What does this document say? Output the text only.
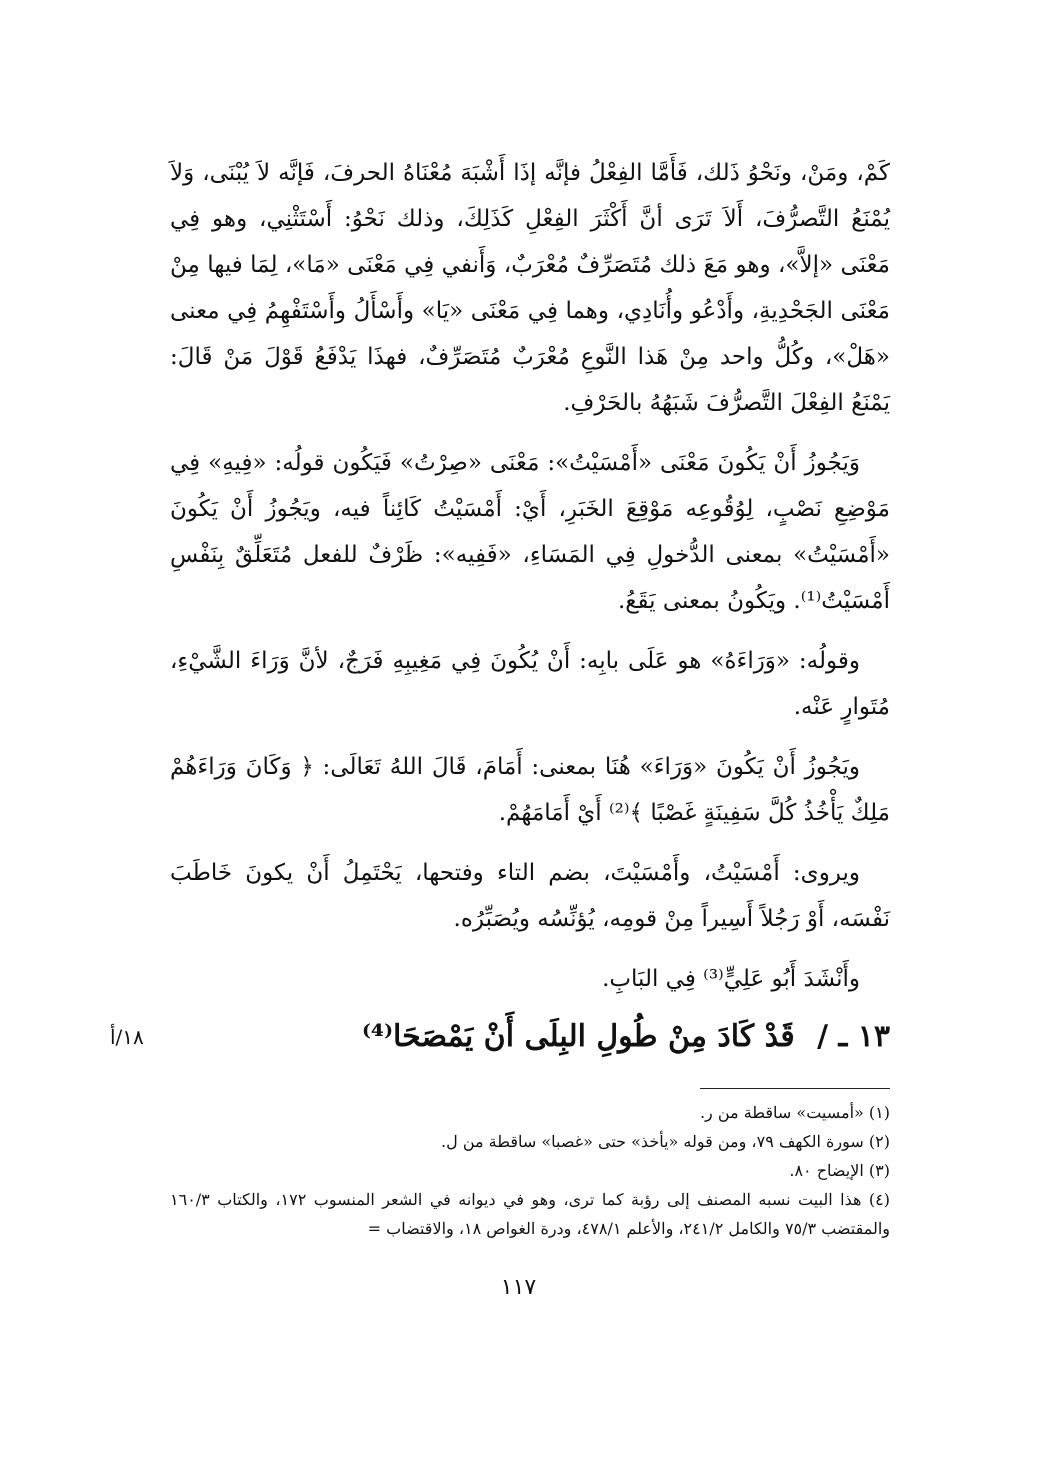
كَمْ، ومَنْ، ونَحْوُ ذَلك، فَأَمَّا الفِعْلُ فإنَّه إذَا أَشْبَهَ مُعْنَاهُ الحرفَ، فَإنَّه لاَ يُبْنَى، وَلاَ يُمْنَعُ التَّصرُّفَ، أَلاَ تَرَى أنَّ أَكْثَرَ الفِعْلِ كَذَلِكَ، وذلك نَحْوُ: أَسْتَثْنِي، وهو فِي مَعْنَى «إلاَّ»، وهو مَعَ ذلك مُتَصَرِّفٌ مُعْرَبٌ، وَأَنفي فِي مَعْنَى «مَا»، لِمَا فيها مِنْ مَعْنَى الجَحْدِيةِ، وأَدْعُو وأُنَادِي، وهما فِي مَعْنَى «يَا» وأَسْأَلُ وأَسْتَفْهِمُ فِي معنى «هَلْ»، وكُلُّ واحد مِنْ هَذا النَّوعِ مُعْرَبٌ مُتَصَرِّفٌ، فهذَا يَدْفَعُ قَوْلَ مَنْ قَالَ: يَمْنَعُ الفِعْلَ التَّصرُّفَ شَبَهُهُ بالحَرْفِ.

وَيَجُوزُ أَنْ يَكُونَ مَعْنَى «أَمْسَيْتُ»: مَعْنَى «صِرْتُ» فَيَكُون قولُه: «فِيهِ» فِي مَوْضِعِ نَصْبٍ، لِوُقُوعِه مَوْقِعَ الخَبَرِ، أَيْ: أَمْسَيْتُ كَائِناً فيه، ويَجُوزُ أَنْ يَكُونَ «أَمْسَيْتُ» بمعنى الدُّخولِ فِي المَسَاءِ، «فَفِيه»: ظَرْفٌ للفعل مُتَعَلِّقٌ بِنَفْسِ أَمْسَيْتُ⁽¹⁾. ويَكُونُ بمعنى يَقَعُ.

وقولُه: «وَرَاءَهُ» هو عَلَى بابِه: أَنْ يُكُونَ فِي مَغِيبِهِ فَرَجٌ، لأنَّ وَرَاءَ الشَّيْءِ، مُتَوارٍ عَنْه.

ويَجُوزُ أَنْ يَكُونَ «وَرَاءَ» هُنَا بمعنى: أَمَامَ، قَالَ اللهُ تَعَالَى: ﴿ وَكَانَ وَرَاءَهُمْ مَلِكٌ يَأْخُذُ كُلَّ سَفِينَةٍ غَصْبًا ﴾⁽²⁾ أَيْ أَمَامَهُمْ.

ويروى: أَمْسَيْتُ، وأَمْسَيْتَ، بضم التاء وفتحها، يَحْتَمِلُ أَنْ يكونَ خَاطَبَ نَفْسَه، أَوْ رَجُلاً أَسِيراً مِنْ قومِه، يُؤنِّسُه ويُصَبِّرُه.

وأَنْشَدَ أَبُو عَلِيٍّ⁽³⁾ فِي البَابِ.

١٣ ـ / قَدْ كَادَ مِنْ طُولِ البِلَى أَنْ يَمْصَحَا⁽⁴⁾
١٨/أ

(١) «أمسيت» ساقطة من ر.

(٢) سورة الكهف ٧٩، ومن قوله «يأخذ» حتى «غصبا» ساقطة من ل.

(٣) الإيضاح ٨٠.

(٤) هذا البيت نسبه المصنف إلى رؤبة كما ترى، وهو في ديوانه في الشعر المنسوب ١٧٢، والكتاب ١٦٠/٣ والمقتضب ٧٥/٣ والكامل ٢٤١/٢، والأعلم ٤٧٨/١، ودرة الغواص ١٨، والاقتضاب =

١١٧
